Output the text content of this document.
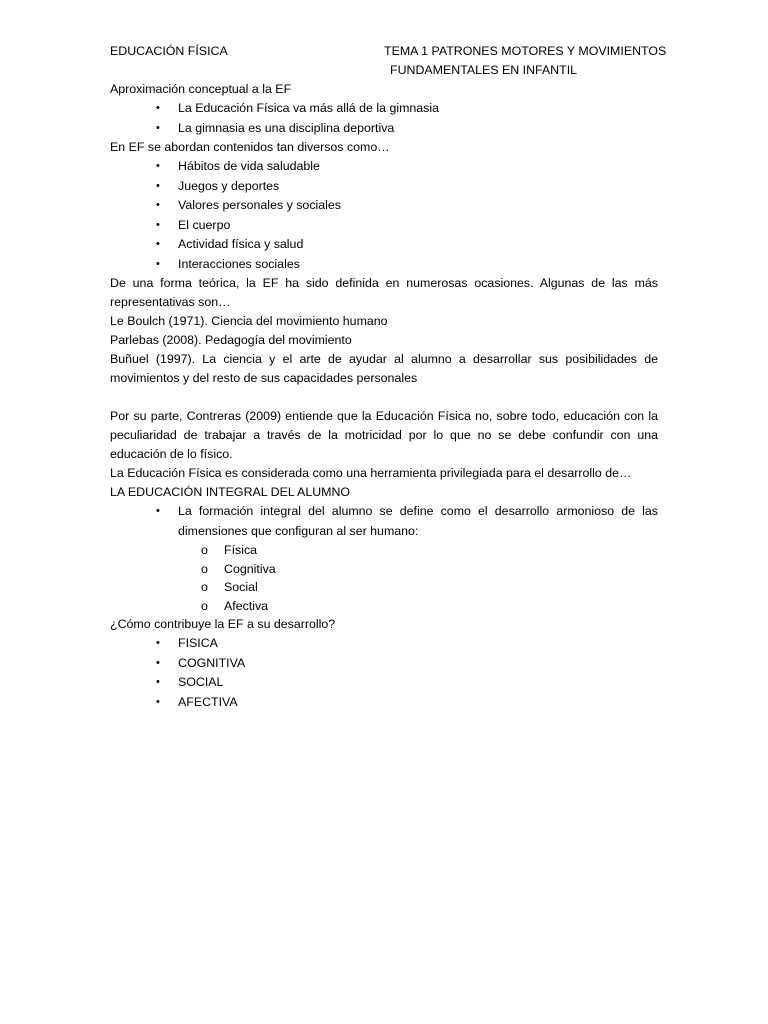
EDUCACIÓN FÍSICA	TEMA 1 PATRONES MOTORES Y MOVIMIENTOS
FUNDAMENTALES EN INFANTIL

Aproximación conceptual a la EF

• La Educación Física va más allá de la gimnasia
• La gimnasia es una disciplina deportiva

En EF se abordan contenidos tan diversos como…

• Hábitos de vida saludable
• Juegos y deportes
• Valores personales y sociales
• El cuerpo
• Actividad física y salud
• Interacciones sociales

De una forma teórica, la EF ha sido definida en numerosas ocasiones. Algunas de las más representativas son…

Le Boulch (1971). Ciencia del movimiento humano

Parlebas (2008). Pedagogía del movimiento

Buñuel (1997). La ciencia y el arte de ayudar al alumno a desarrollar sus posibilidades de movimientos y del resto de sus capacidades personales

Por su parte, Contreras (2009) entiende que la Educación Física no, sobre todo, educación con la peculiaridad de trabajar a través de la motricidad por lo que no se debe confundir con una educación de lo físico.

La Educación Física es considerada como una herramienta privilegiada para el desarrollo de…

LA EDUCACIÓN INTEGRAL DEL ALUMNO

• La formación integral del alumno se define como el desarrollo armonioso de las dimensiones que configuran al ser humano:
o Física
o Cognitiva
o Social
o Afectiva

¿Cómo contribuye la EF a su desarrollo?

• FISICA
• COGNITIVA
• SOCIAL
• AFECTIVA
